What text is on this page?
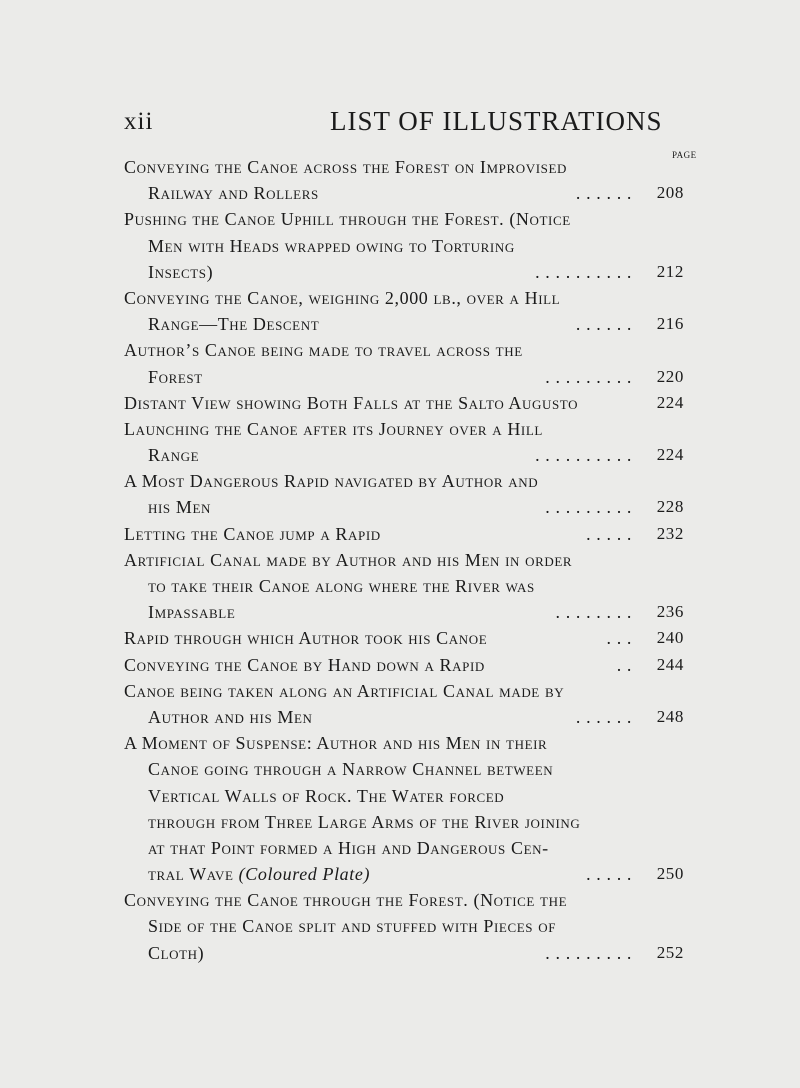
xii	LIST OF ILLUSTRATIONS
PAGE
Conveying the Canoe across the Forest on Improvised
Railway and Rollers	. . . . . .	208
Pushing the Canoe Uphill through the Forest. (Notice
Men with Heads wrapped owing to Torturing
Insects)	. . . . . . . . . .	212
Conveying the Canoe, weighing 2,000 lb., over a Hill
Range—The Descent	. . . . . .	216
Author’s Canoe being made to travel across the
Forest	. . . . . . . . .	220
Distant View showing Both Falls at the Salto Augusto	224
Launching the Canoe after its Journey over a Hill
Range	. . . . . . . . . .	224
A Most Dangerous Rapid navigated by Author and
his Men	. . . . . . . . .	228
Letting the Canoe jump a Rapid	. . . . .	232
Artificial Canal made by Author and his Men in order
to take their Canoe along where the River was
Impassable	. . . . . . . .	236
Rapid through which Author took his Canoe	. . .	240
Conveying the Canoe by Hand down a Rapid	. .	244
Canoe being taken along an Artificial Canal made by
Author and his Men	. . . . . .	248
A Moment of Suspense: Author and his Men in their
Canoe going through a Narrow Channel between
Vertical Walls of Rock. The Water forced
through from Three Large Arms of the River joining
at that Point formed a High and Dangerous Cen-
tral Wave (Coloured Plate)	. . . . .	250
Conveying the Canoe through the Forest. (Notice the
Side of the Canoe split and stuffed with Pieces of
Cloth)	. . . . . . . . .	252
